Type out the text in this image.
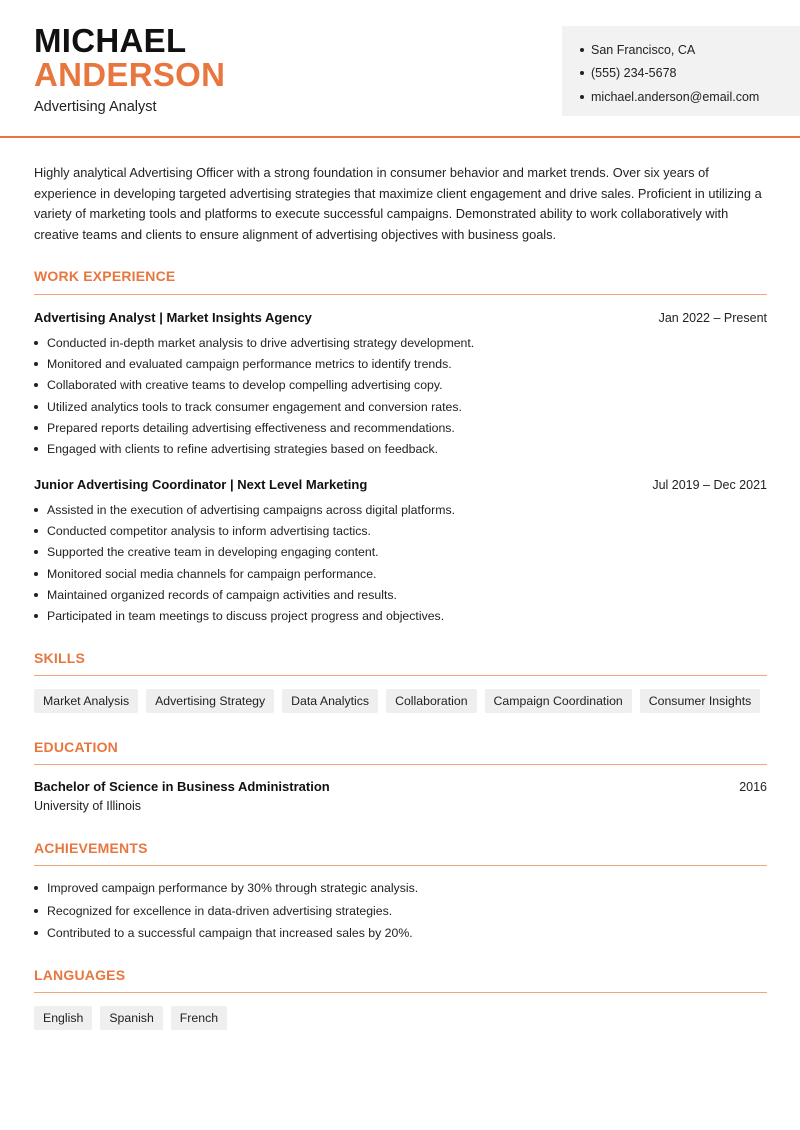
MICHAEL
ANDERSON
Advertising Analyst
San Francisco, CA
(555) 234-5678
michael.anderson@email.com
Highly analytical Advertising Officer with a strong foundation in consumer behavior and market trends. Over six years of experience in developing targeted advertising strategies that maximize client engagement and drive sales. Proficient in utilizing a variety of marketing tools and platforms to execute successful campaigns. Demonstrated ability to work collaboratively with creative teams and clients to ensure alignment of advertising objectives with business goals.
WORK EXPERIENCE
Advertising Analyst | Market Insights Agency	Jan 2022 – Present
Conducted in-depth market analysis to drive advertising strategy development.
Monitored and evaluated campaign performance metrics to identify trends.
Collaborated with creative teams to develop compelling advertising copy.
Utilized analytics tools to track consumer engagement and conversion rates.
Prepared reports detailing advertising effectiveness and recommendations.
Engaged with clients to refine advertising strategies based on feedback.
Junior Advertising Coordinator | Next Level Marketing	Jul 2019 – Dec 2021
Assisted in the execution of advertising campaigns across digital platforms.
Conducted competitor analysis to inform advertising tactics.
Supported the creative team in developing engaging content.
Monitored social media channels for campaign performance.
Maintained organized records of campaign activities and results.
Participated in team meetings to discuss project progress and objectives.
SKILLS
Market Analysis	Advertising Strategy	Data Analytics	Collaboration	Campaign Coordination	Consumer Insights
EDUCATION
Bachelor of Science in Business Administration	2016
University of Illinois
ACHIEVEMENTS
Improved campaign performance by 30% through strategic analysis.
Recognized for excellence in data-driven advertising strategies.
Contributed to a successful campaign that increased sales by 20%.
LANGUAGES
English	Spanish	French
